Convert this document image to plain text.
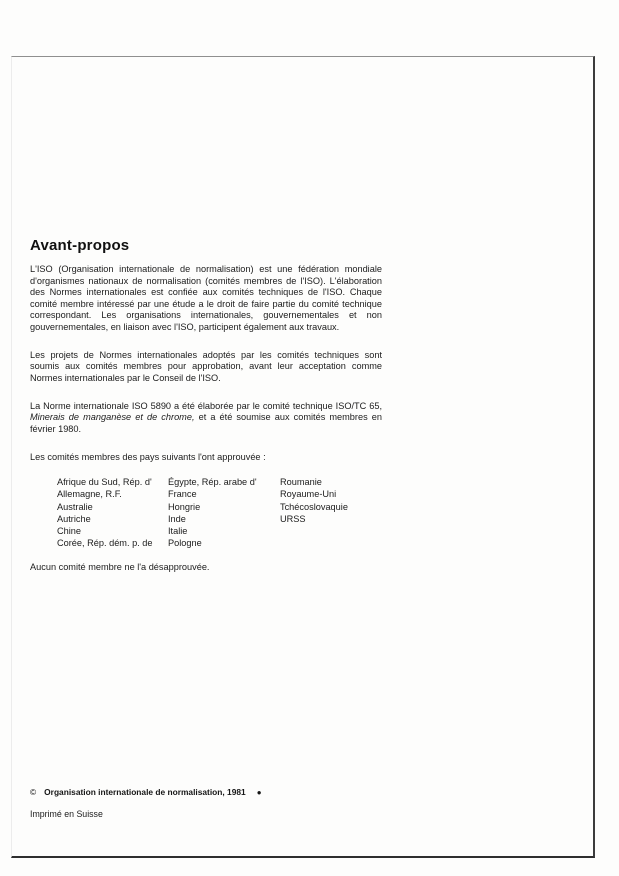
Avant-propos

L'ISO (Organisation internationale de normalisation) est une fédération mondiale d'organismes nationaux de normalisation (comités membres de l'ISO). L'élaboration des Normes internationales est confiée aux comités techniques de l'ISO. Chaque comité membre intéressé par une étude a le droit de faire partie du comité technique correspondant. Les organisations internationales, gouvernementales et non gouvernementales, en liaison avec l'ISO, participent également aux travaux.

Les projets de Normes internationales adoptés par les comités techniques sont soumis aux comités membres pour approbation, avant leur acceptation comme Normes internationales par le Conseil de l'ISO.

La Norme internationale ISO 5890 a été élaborée par le comité technique ISO/TC 65, Minerais de manganèse et de chrome, et a été soumise aux comités membres en février 1980.

Les comités membres des pays suivants l'ont approuvée :

Afrique du Sud, Rép. d'
Allemagne, R.F.
Australie
Autriche
Chine
Corée, Rép. dém. p. de
Égypte, Rép. arabe d'
France
Hongrie
Inde
Italie
Pologne
Roumanie
Royaume-Uni
Tchécoslovaquie
URSS

Aucun comité membre ne l'a désapprouvée.

© Organisation internationale de normalisation, 1981 ●
Imprimé en Suisse
